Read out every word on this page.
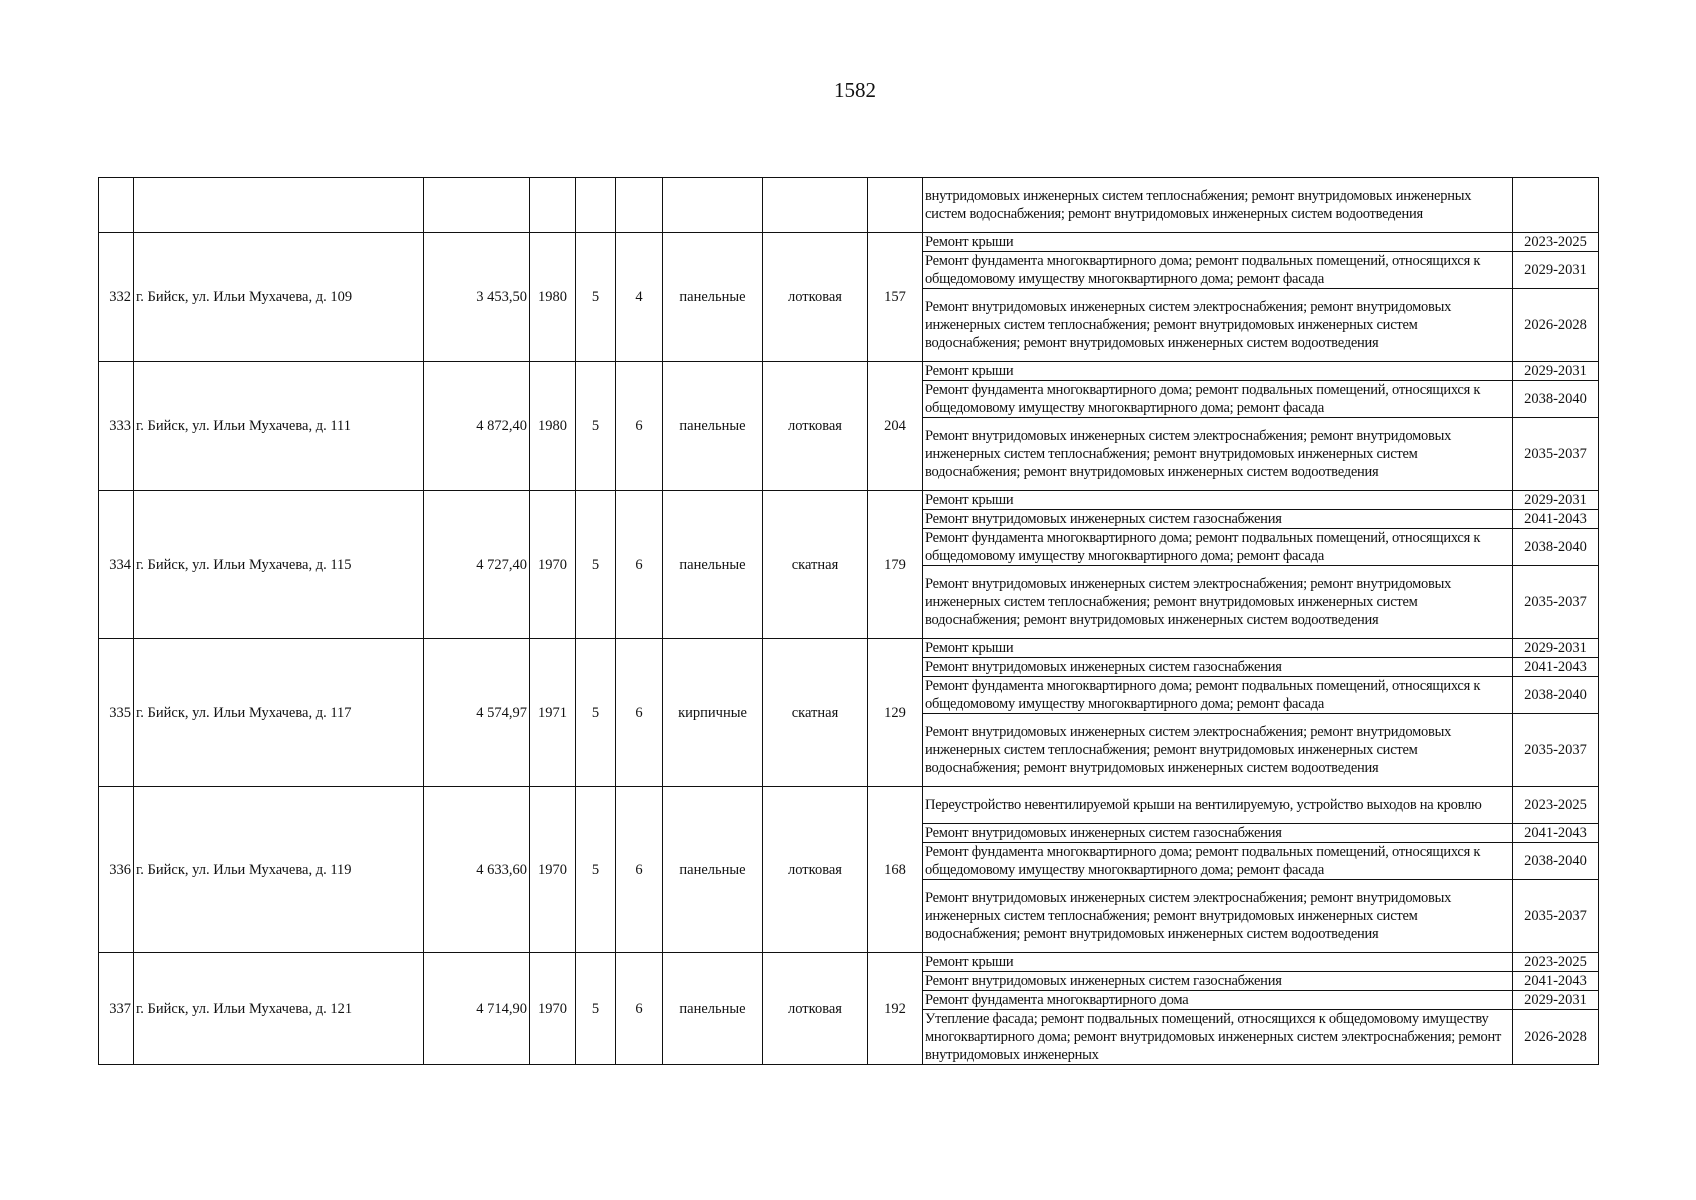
1582
									внутридомовых инженерных систем теплоснабжения; ремонт внутридомовых инженерных систем водоснабжения; ремонт внутридомовых инженерных систем водоотведения	
332	г. Бийск, ул. Ильи Мухачева, д. 109	3 453,50	1980	5	4	панельные	лотковая	157	Ремонт крыши	2023-2025
									Ремонт фундамента многоквартирного дома; ремонт подвальных помещений, относящихся к общедомовому имуществу многоквартирного дома; ремонт фасада	2029-2031
									Ремонт внутридомовых инженерных систем электроснабжения; ремонт внутридомовых инженерных систем теплоснабжения; ремонт внутридомовых инженерных систем водоснабжения; ремонт внутридомовых инженерных систем водоотведения	2026-2028
333	г. Бийск, ул. Ильи Мухачева, д. 111	4 872,40	1980	5	6	панельные	лотковая	204	Ремонт крыши	2029-2031
									Ремонт фундамента многоквартирного дома; ремонт подвальных помещений, относящихся к общедомовому имуществу многоквартирного дома; ремонт фасада	2038-2040
									Ремонт внутридомовых инженерных систем электроснабжения; ремонт внутридомовых инженерных систем теплоснабжения; ремонт внутридомовых инженерных систем водоснабжения; ремонт внутридомовых инженерных систем водоотведения	2035-2037
334	г. Бийск, ул. Ильи Мухачева, д. 115	4 727,40	1970	5	6	панельные	скатная	179	Ремонт крыши	2029-2031
									Ремонт внутридомовых инженерных систем газоснабжения	2041-2043
									Ремонт фундамента многоквартирного дома; ремонт подвальных помещений, относящихся к общедомовому имуществу многоквартирного дома; ремонт фасада	2038-2040
									Ремонт внутридомовых инженерных систем электроснабжения; ремонт внутридомовых инженерных систем теплоснабжения; ремонт внутридомовых инженерных систем водоснабжения; ремонт внутридомовых инженерных систем водоотведения	2035-2037
335	г. Бийск, ул. Ильи Мухачева, д. 117	4 574,97	1971	5	6	кирпичные	скатная	129	Ремонт крыши	2029-2031
									Ремонт внутридомовых инженерных систем газоснабжения	2041-2043
									Ремонт фундамента многоквартирного дома; ремонт подвальных помещений, относящихся к общедомовому имуществу многоквартирного дома; ремонт фасада	2038-2040
									Ремонт внутридомовых инженерных систем электроснабжения; ремонт внутридомовых инженерных систем теплоснабжения; ремонт внутридомовых инженерных систем водоснабжения; ремонт внутридомовых инженерных систем водоотведения	2035-2037
336	г. Бийск, ул. Ильи Мухачева, д. 119	4 633,60	1970	5	6	панельные	лотковая	168	Переустройство невентилируемой крыши на вентилируемую, устройство выходов на кровлю	2023-2025
									Ремонт внутридомовых инженерных систем газоснабжения	2041-2043
									Ремонт фундамента многоквартирного дома; ремонт подвальных помещений, относящихся к общедомовому имуществу многоквартирного дома; ремонт фасада	2038-2040
									Ремонт внутридомовых инженерных систем электроснабжения; ремонт внутридомовых инженерных систем теплоснабжения; ремонт внутридомовых инженерных систем водоснабжения; ремонт внутридомовых инженерных систем водоотведения	2035-2037
337	г. Бийск, ул. Ильи Мухачева, д. 121	4 714,90	1970	5	6	панельные	лотковая	192	Ремонт крыши	2023-2025
									Ремонт внутридомовых инженерных систем газоснабжения	2041-2043
									Ремонт фундамента многоквартирного дома	2029-2031
									Утепление фасада; ремонт подвальных помещений, относящихся к общедомовому имуществу многоквартирного дома; ремонт внутридомовых инженерных систем электроснабжения; ремонт внутридомовых инженерных	2026-2028
